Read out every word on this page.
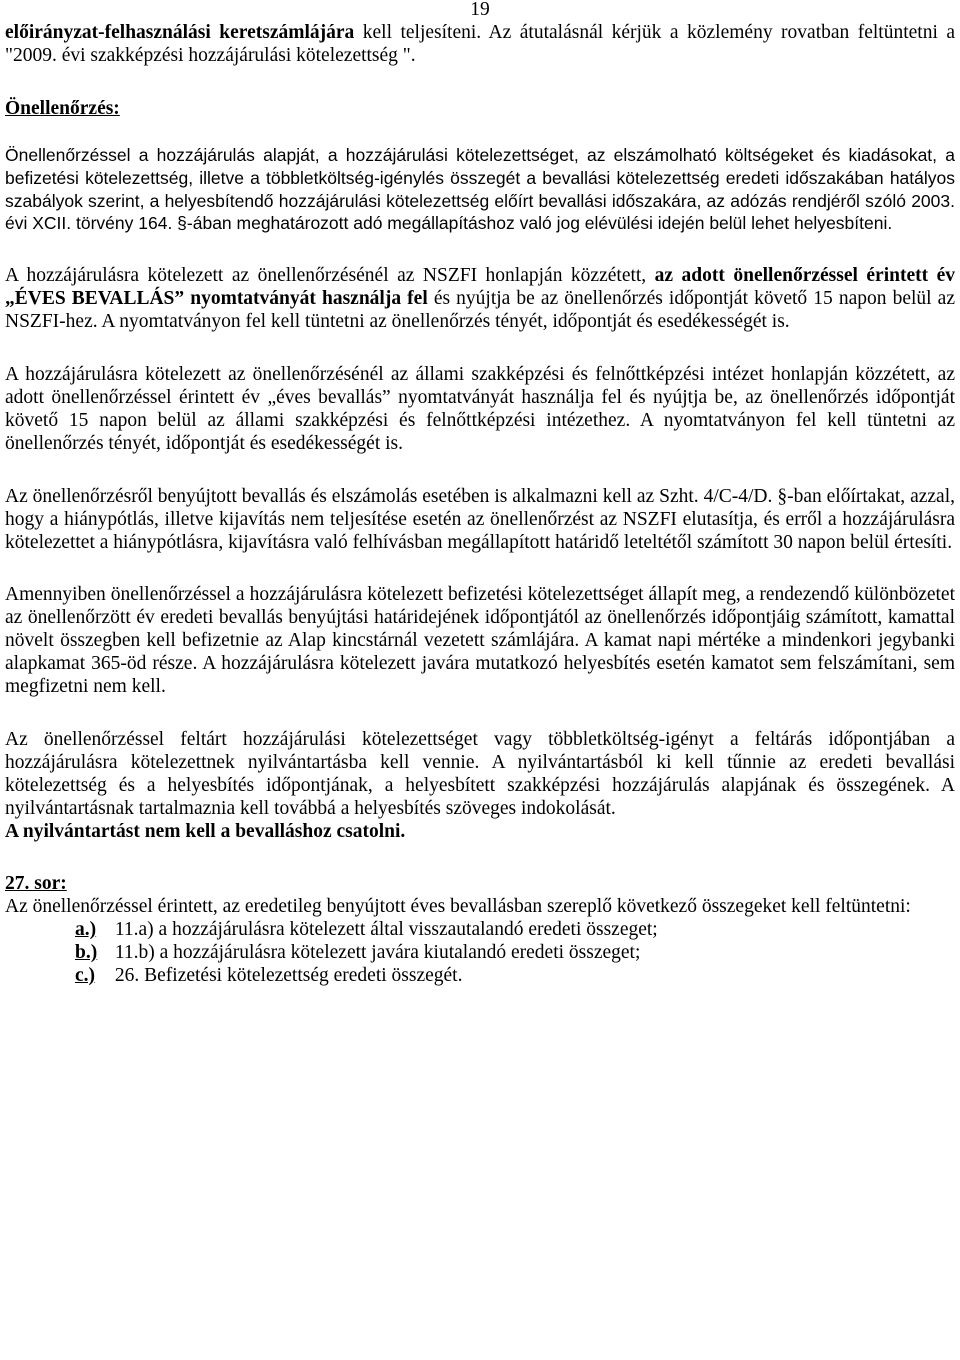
19

előirányzat-felhasználási keretszámlájára kell teljesíteni. Az átutalásnál kérjük a közlemény rovatban feltüntetni a "2009. évi szakképzési hozzájárulási kötelezettség ".

Önellenőrzés:

Önellenőrzéssel a hozzájárulás alapját, a hozzájárulási kötelezettséget, az elszámolható költségeket és kiadásokat, a befizetési kötelezettség, illetve a többletköltség-igénylés összegét a bevallási kötelezettség eredeti időszakában hatályos szabályok szerint, a helyesbítendő hozzájárulási kötelezettség előírt bevallási időszakára, az adózás rendjéről szóló 2003. évi XCII. törvény 164. §-ában meghatározott adó megállapításhoz való jog elévülési idején belül lehet helyesbíteni.

A hozzájárulásra kötelezett az önellenőrzésénél az NSZFI honlapján közzétett, az adott önellenőrzéssel érintett év „ÉVES BEVALLÁS” nyomtatványát használja fel és nyújtja be az önellenőrzés időpontját követő 15 napon belül az NSZFI-hez. A nyomtatványon fel kell tüntetni az önellenőrzés tényét, időpontját és esedékességét is.

A hozzájárulásra kötelezett az önellenőrzésénél az állami szakképzési és felnőttképzési intézet honlapján közzétett, az adott önellenőrzéssel érintett év „éves bevallás” nyomtatványát használja fel és nyújtja be, az önellenőrzés időpontját követő 15 napon belül az állami szakképzési és felnőttképzési intézethez. A nyomtatványon fel kell tüntetni az önellenőrzés tényét, időpontját és esedékességét is.

Az önellenőrzésről benyújtott bevallás és elszámolás esetében is alkalmazni kell az Szht. 4/C-4/D. §-ban előírtakat, azzal, hogy a hiánypótlás, illetve kijavítás nem teljesítése esetén az önellenőrzést az NSZFI elutasítja, és erről a hozzájárulásra kötelezettet a hiánypótlásra, kijavításra való felhívásban megállapított határidő leteltétől számított 30 napon belül értesíti.

Amennyiben önellenőrzéssel a hozzájárulásra kötelezett befizetési kötelezettséget állapít meg, a rendezendő különbözetet az önellenőrzött év eredeti bevallás benyújtási határidejének időpontjától az önellenőrzés időpontjáig számított, kamattal növelt összegben kell befizetnie az Alap kincstárnál vezetett számlájára. A kamat napi mértéke a mindenkori jegybanki alapkamat 365-öd része. A hozzájárulásra kötelezett javára mutatkozó helyesbítés esetén kamatot sem felszámítani, sem megfizetni nem kell.

Az önellenőrzéssel feltárt hozzájárulási kötelezettséget vagy többletköltség-igényt a feltárás időpontjában a hozzájárulásra kötelezettnek nyilvántartásba kell vennie. A nyilvántartásból ki kell tűnnie az eredeti bevallási kötelezettség és a helyesbítés időpontjának, a helyesbített szakképzési hozzájárulás alapjának és összegének. A nyilvántartásnak tartalmaznia kell továbbá a helyesbítés szöveges indokolását.

A nyilvántartást nem kell a bevalláshoz csatolni.
27. sor:

Az önellenőrzéssel érintett, az eredetileg benyújtott éves bevallásban szereplő következő összegeket kell feltüntetni:

a.) 11.a) a hozzájárulásra kötelezett által visszautalandó eredeti összeget;
b.) 11.b) a hozzájárulásra kötelezett javára kiutalandó eredeti összeget;
c.) 26. Befizetési kötelezettség eredeti összegét.
